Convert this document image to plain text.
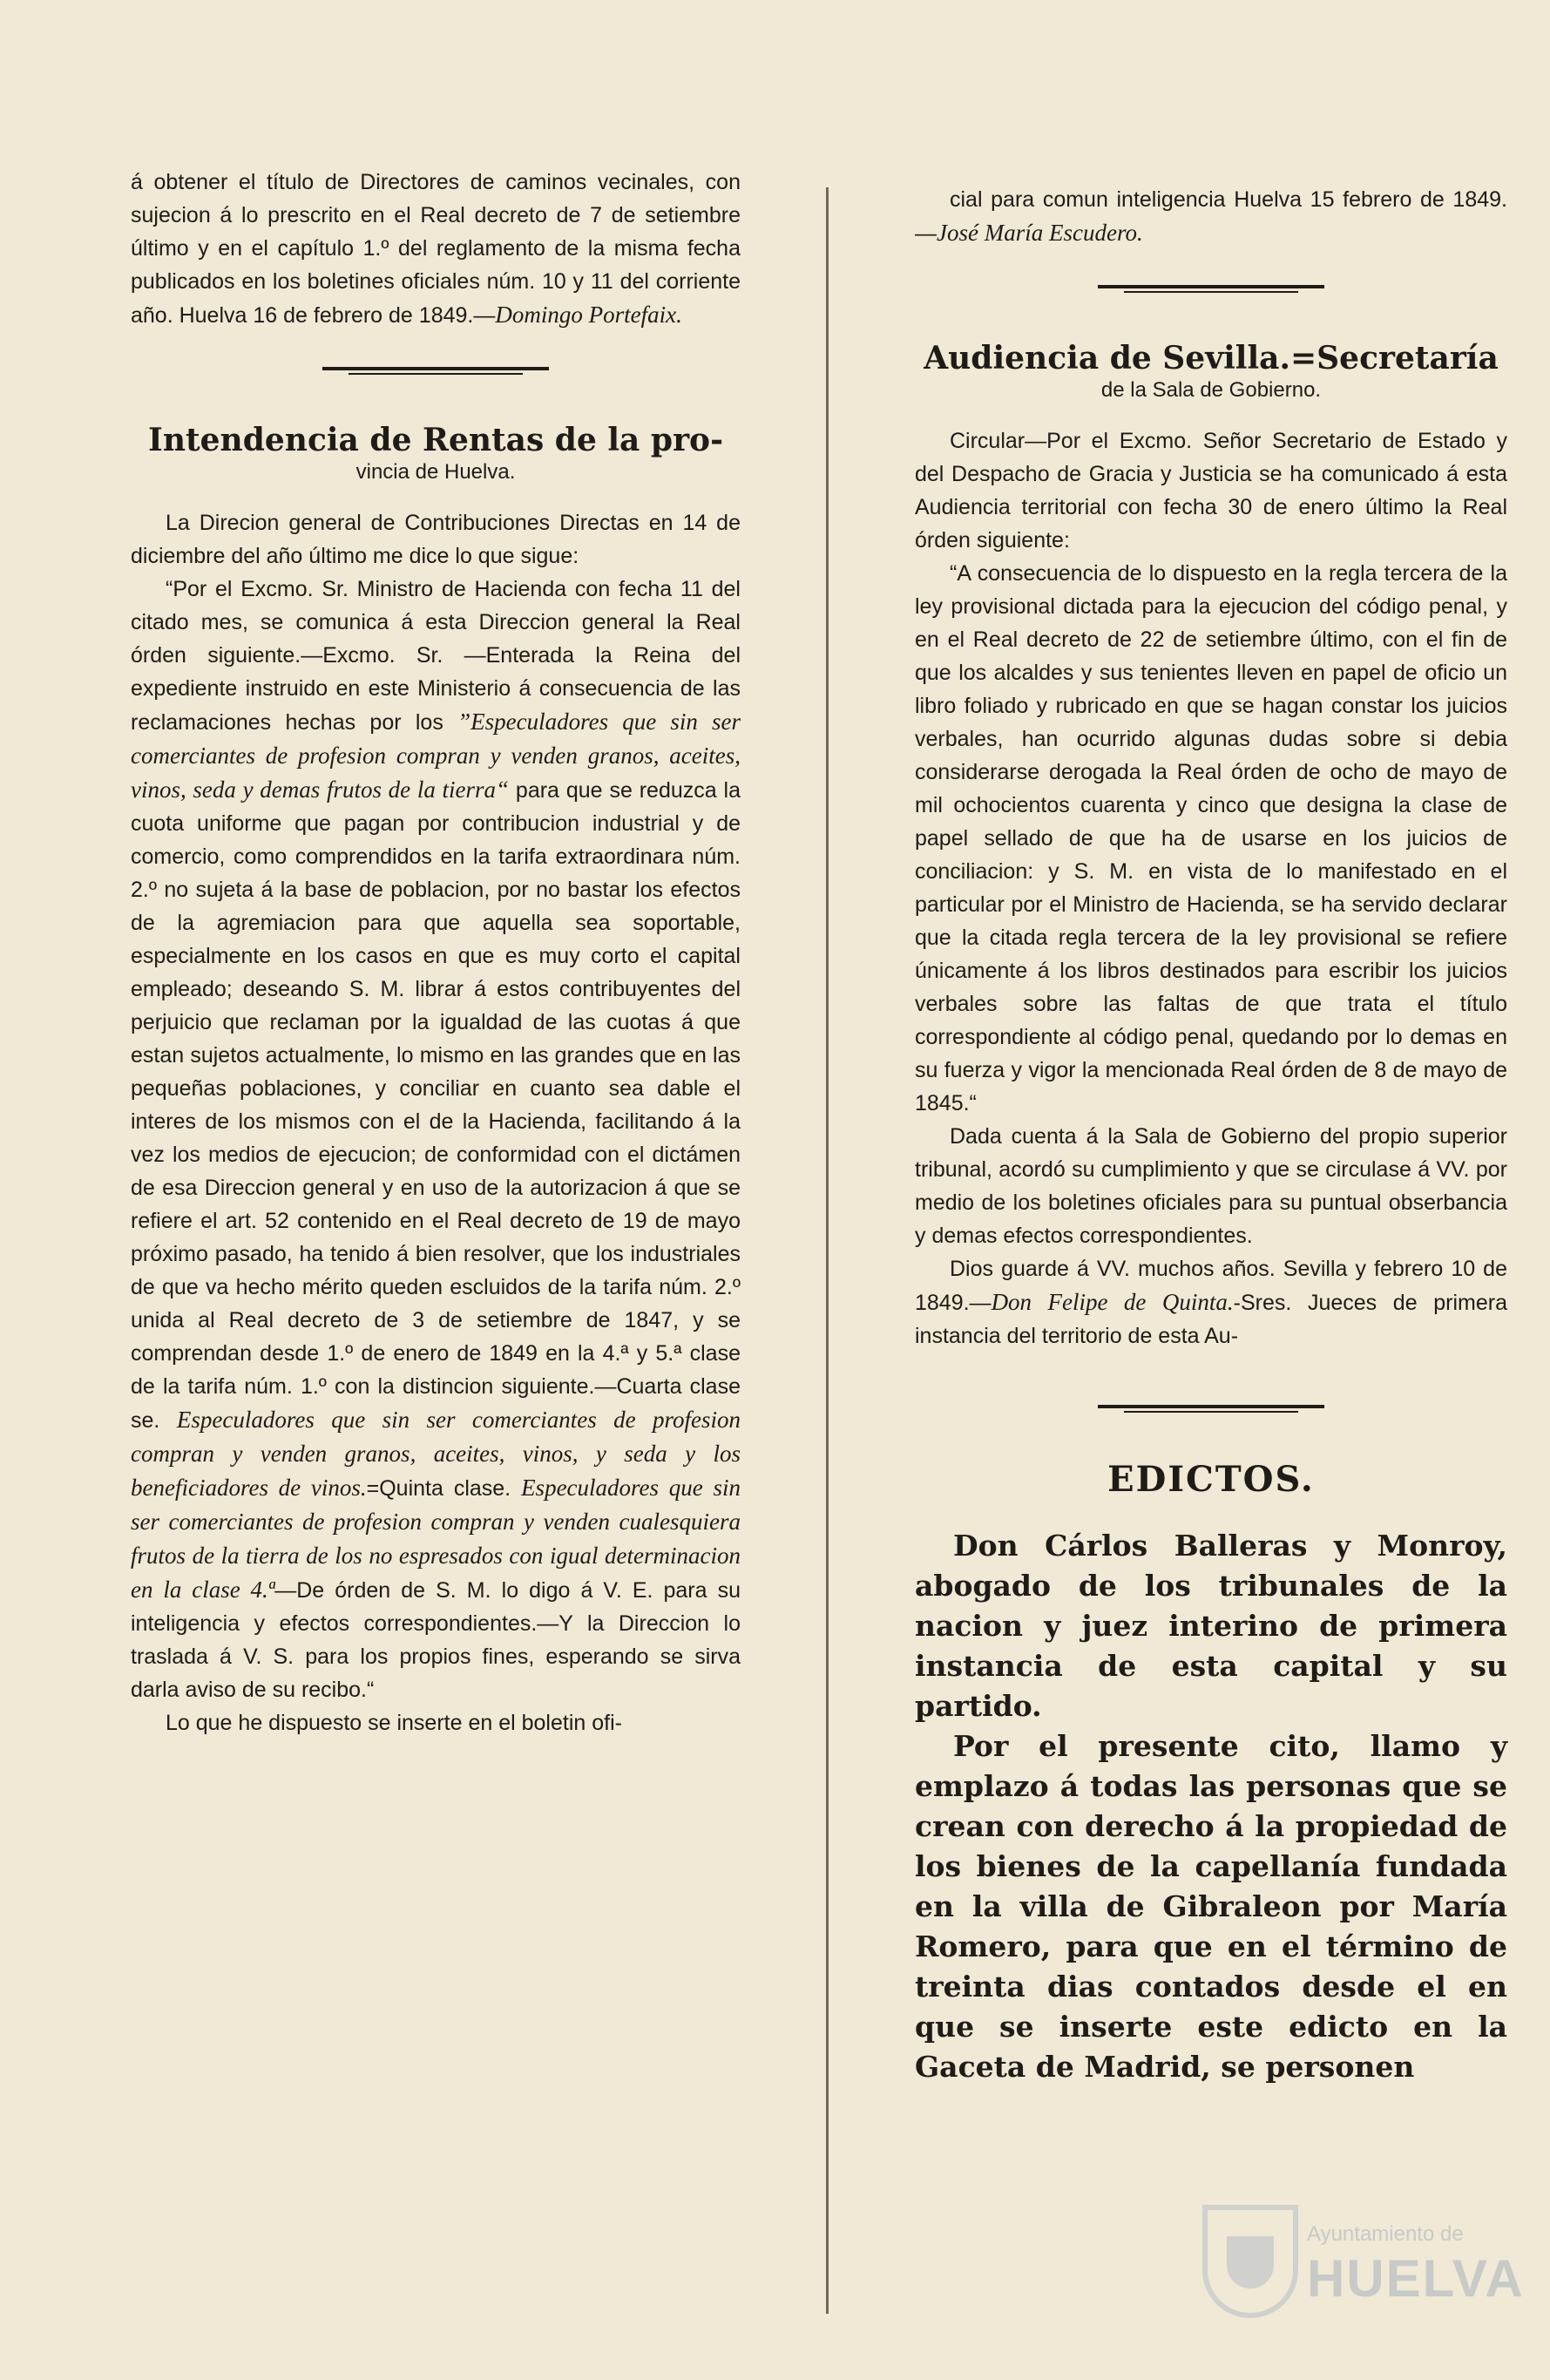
á obtener el título de Directores de caminos vecinales, con sujecion á lo prescrito en el Real decreto de 7 de setiembre último y en el capítulo 1.º del reglamento de la misma fecha publicados en los boletines oficiales núm. 10 y 11 del corriente año. Huelva 16 de febrero de 1849.—Domingo Portefaix.

Intendencia de Rentas de la pro-

vincia de Huelva.

La Direcion general de Contribuciones Directas en 14 de diciembre del año último me dice lo que sigue:

“Por el Excmo. Sr. Ministro de Hacienda con fecha 11 del citado mes, se comunica á esta Direccion general la Real órden siguiente.—Excmo. Sr. —Enterada la Reina del expediente instruido en este Ministerio á consecuencia de las reclamaciones hechas por los ”Especuladores que sin ser comerciantes de profesion compran y venden granos, aceites, vinos, seda y demas frutos de la tierra“ para que se reduzca la cuota uniforme que pagan por contribucion industrial y de comercio, como comprendidos en la tarifa extraordinara núm. 2.º no sujeta á la base de poblacion, por no bastar los efectos de la agremiacion para que aquella sea soportable, especialmente en los casos en que es muy corto el capital empleado; deseando S. M. librar á estos contribuyentes del perjuicio que reclaman por la igualdad de las cuotas á que estan sujetos actualmente, lo mismo en las grandes que en las pequeñas poblaciones, y conciliar en cuanto sea dable el interes de los mismos con el de la Hacienda, facilitando á la vez los medios de ejecucion; de conformidad con el dictámen de esa Direccion general y en uso de la autorizacion á que se refiere el art. 52 contenido en el Real decreto de 19 de mayo próximo pasado, ha tenido á bien resolver, que los industriales de que va hecho mérito queden escluidos de la tarifa núm. 2.º unida al Real decreto de 3 de setiembre de 1847, y se comprendan desde 1.º de enero de 1849 en la 4.ª y 5.ª clase de la tarifa núm. 1.º con la distincion siguiente.—Cuarta clase se. Especuladores que sin ser comerciantes de profesion compran y venden granos, aceites, vinos, y seda y los beneficiadores de vinos.=Quinta clase. Especuladores que sin ser comerciantes de profesion compran y venden cualesquiera frutos de la tierra de los no espresados con igual determinacion en la clase 4.ª—De órden de S. M. lo digo á V. E. para su inteligencia y efectos correspondientes.—Y la Direccion lo traslada á V. S. para los propios fines, esperando se sirva darla aviso de su recibo.“

Lo que he dispuesto se inserte en el boletin ofi-

cial para comun inteligencia Huelva 15 febrero de 1849.—José María Escudero.

Audiencia de Sevilla.=Secretaría

de la Sala de Gobierno.

Circular—Por el Excmo. Señor Secretario de Estado y del Despacho de Gracia y Justicia se ha comunicado á esta Audiencia territorial con fecha 30 de enero último la Real órden siguiente:

“A consecuencia de lo dispuesto en la regla tercera de la ley provisional dictada para la ejecucion del código penal, y en el Real decreto de 22 de setiembre último, con el fin de que los alcaldes y sus tenientes lleven en papel de oficio un libro foliado y rubricado en que se hagan constar los juicios verbales, han ocurrido algunas dudas sobre si debia considerarse derogada la Real órden de ocho de mayo de mil ochocientos cuarenta y cinco que designa la clase de papel sellado de que ha de usarse en los juicios de conciliacion: y S. M. en vista de lo manifestado en el particular por el Ministro de Hacienda, se ha servido declarar que la citada regla tercera de la ley provisional se refiere únicamente á los libros destinados para escribir los juicios verbales sobre las faltas de que trata el título correspondiente al código penal, quedando por lo demas en su fuerza y vigor la mencionada Real órden de 8 de mayo de 1845.“

Dada cuenta á la Sala de Gobierno del propio superior tribunal, acordó su cumplimiento y que se circulase á VV. por medio de los boletines oficiales para su puntual obserbancia y demas efectos correspondientes.

Dios guarde á VV. muchos años. Sevilla y febrero 10 de 1849.—Don Felipe de Quinta.-Sres. Jueces de primera instancia del territorio de esta Au-

EDICTOS.

Don Cárlos Balleras y Monroy, abogado de los tribunales de la nacion y juez interino de primera instancia de esta capital y su partido.

Por el presente cito, llamo y emplazo á todas las personas que se crean con derecho á la propiedad de los bienes de la capellanía fundada en la villa de Gibraleon por María Romero, para que en el término de treinta dias contados desde el en que se inserte este edicto en la Gaceta de Madrid, se personen

Ayuntamiento de
HUELVA
